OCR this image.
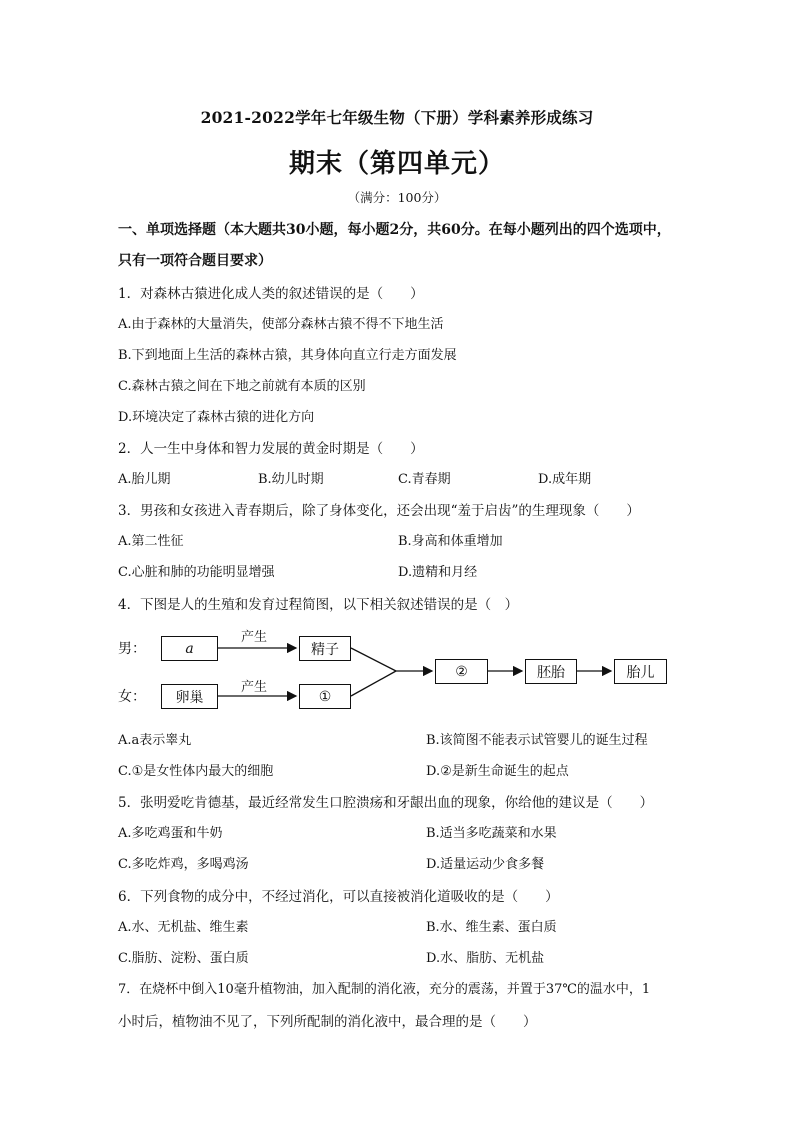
2021-2022学年七年级生物（下册）学科素养形成练习
期末（第四单元）
（满分：100分）
一、单项选择题（本大题共30小题，每小题2分，共60分。在每小题列出的四个选项中，
只有一项符合题目要求）
1．对森林古猿进化成人类的叙述错误的是（　　）
A.由于森林的大量消失，使部分森林古猿不得不下地生活
B.下到地面上生活的森林古猿，其身体向直立行走方面发展
C.森林古猿之间在下地之前就有本质的区别
D.环境决定了森林古猿的进化方向
2．人一生中身体和智力发展的黄金时期是（　　）
A.胎儿期	B.幼儿时期	C.青春期	D.成年期
3．男孩和女孩进入青春期后，除了身体变化，还会出现“羞于启齿”的生理现象（　　）
A.第二性征	B.身高和体重增加
C.心脏和肺的功能明显增强	D.遗精和月经
4．下图是人的生殖和发育过程简图，以下相关叙述错误的是（　）
男：
女：
a
卵巢
产生
产生
精子
①
②	胚胎	胎儿
A.a表示睾丸	B.该简图不能表示试管婴儿的诞生过程
C.①是女性体内最大的细胞	D.②是新生命诞生的起点
5．张明爱吃肯德基，最近经常发生口腔溃疡和牙龈出血的现象，你给他的建议是（　　）
A.多吃鸡蛋和牛奶	B.适当多吃蔬菜和水果
C.多吃炸鸡，多喝鸡汤	D.适量运动少食多餐
6．下列食物的成分中，不经过消化，可以直接被消化道吸收的是（　　）
A.水、无机盐、维生素	B.水、维生素、蛋白质
C.脂肪、淀粉、蛋白质	D.水、脂肪、无机盐
7．在烧杯中倒入10毫升植物油，加入配制的消化液，充分的震荡，并置于37℃的温水中，1
小时后，植物油不见了，下列所配制的消化液中，最合理的是（　　）
